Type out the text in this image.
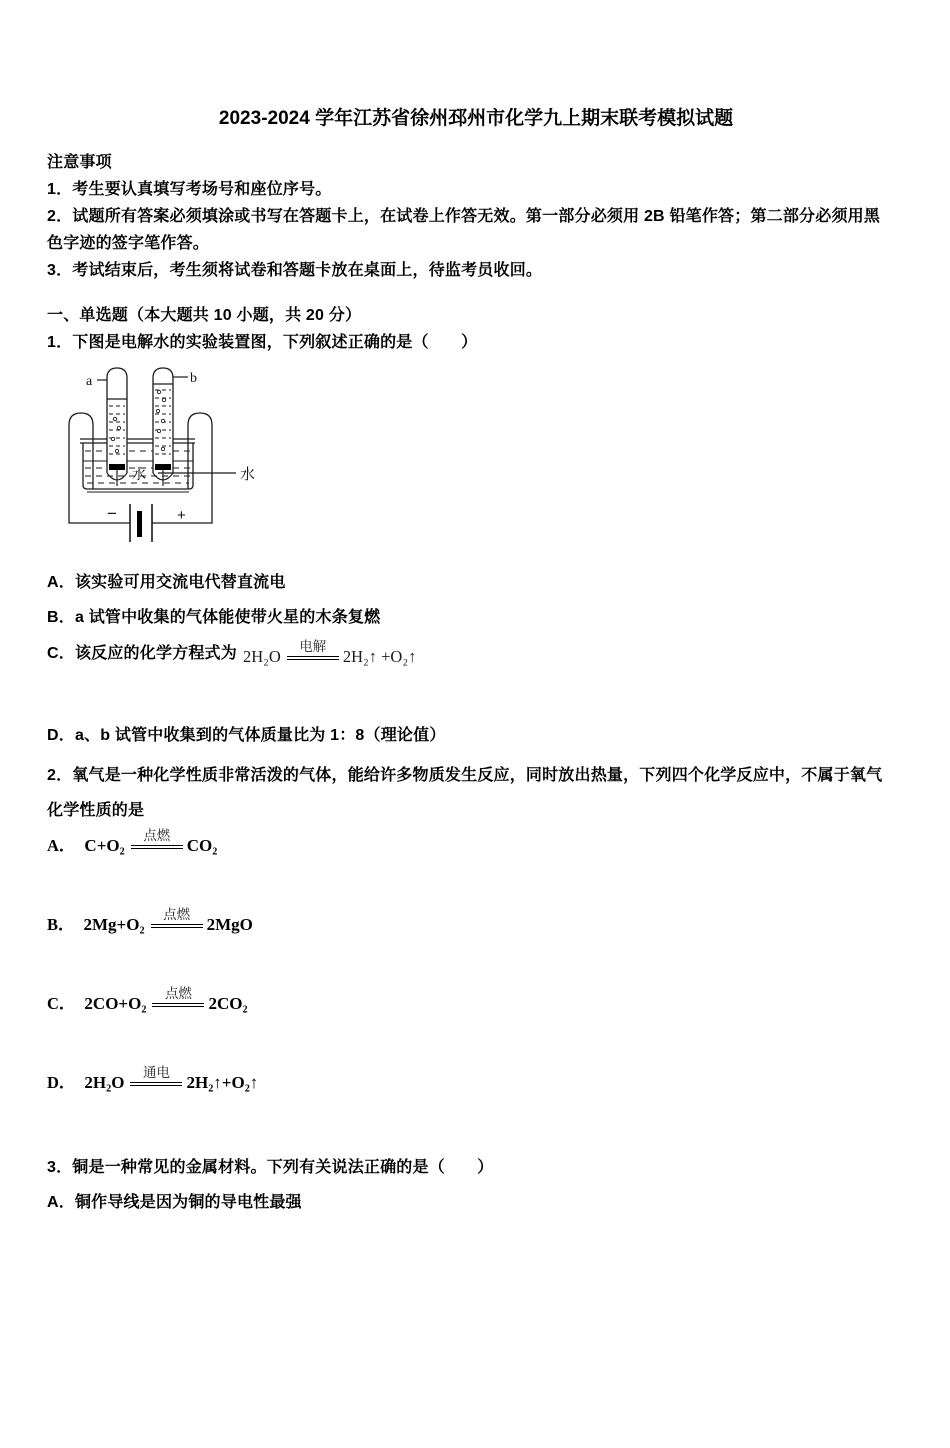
2023-2024 学年江苏省徐州邳州市化学九上期末联考模拟试题

注意事项

1．考生要认真填写考场号和座位序号。

2．试题所有答案必须填涂或书写在答题卡上，在试卷上作答无效。第一部分必须用 2B 铅笔作答；第二部分必须用黑色字迹的签字笔作答。

3．考试结束后，考生须将试卷和答题卡放在桌面上，待监考员收回。

一、单选题（本大题共 10 小题，共 20 分）

1．下图是电解水的实验装置图，下列叙述正确的是（　　）

a	b
水	水
−	+

A．该实验可用交流电代替直流电

B．a 试管中收集的气体能使带火星的木条复燃

C．该反应的化学方程式为 2H₂O
电解
2H₂↑ +O₂↑

D．a、b 试管中收集到的气体质量比为 1：8（理论值）

2．氧气是一种化学性质非常活泼的气体，能给许多物质发生反应，同时放出热量，下列四个化学反应中，不属于氧气化学性质的是

A． C+O₂
点燃
CO₂
B． 2Mg+O₂
点燃
2MgO
C． 2CO+O₂
点燃
2CO₂
D． 2H₂O
通电
2H₂↑+O₂↑

3．铜是一种常见的金属材料。下列有关说法正确的是（　　）

A．铜作导线是因为铜的导电性最强
